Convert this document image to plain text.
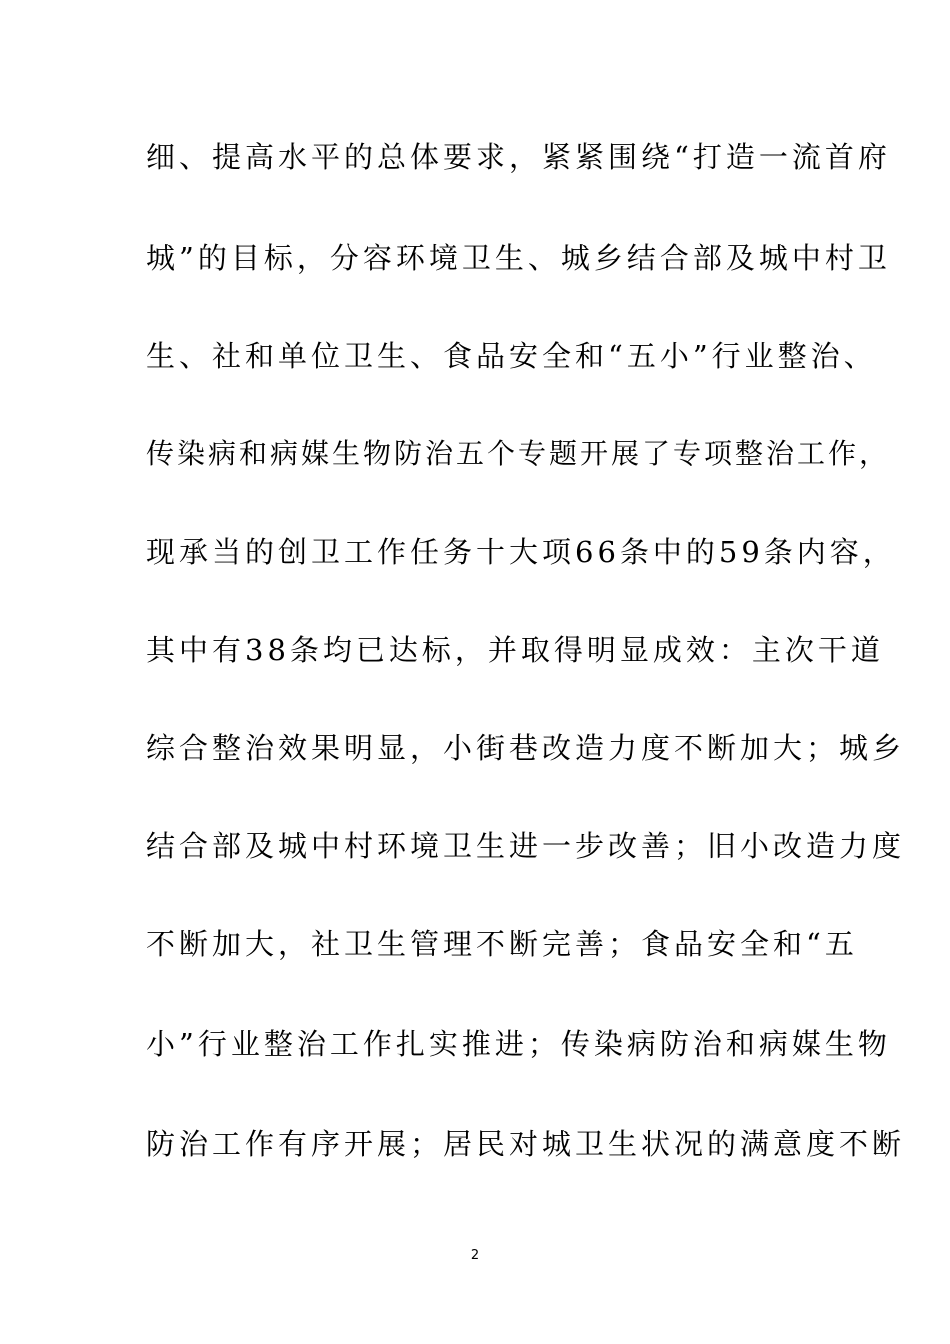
细、提高水平的总体要求，紧紧围绕“打造一流首府
城”的目标，分容环境卫生、城乡结合部及城中村卫
生、社和单位卫生、食品安全和“五小”行业整治、
传染病和病媒生物防治五个专题开展了专项整治工作，
现承当的创卫工作任务十大项66条中的59条内容，
其中有38条均已达标，并取得明显成效：主次干道
综合整治效果明显，小街巷改造力度不断加大；城乡
结合部及城中村环境卫生进一步改善；旧小改造力度
不断加大，社卫生管理不断完善；食品安全和“五
小”行业整治工作扎实推进；传染病防治和病媒生物
防治工作有序开展；居民对城卫生状况的满意度不断
2
